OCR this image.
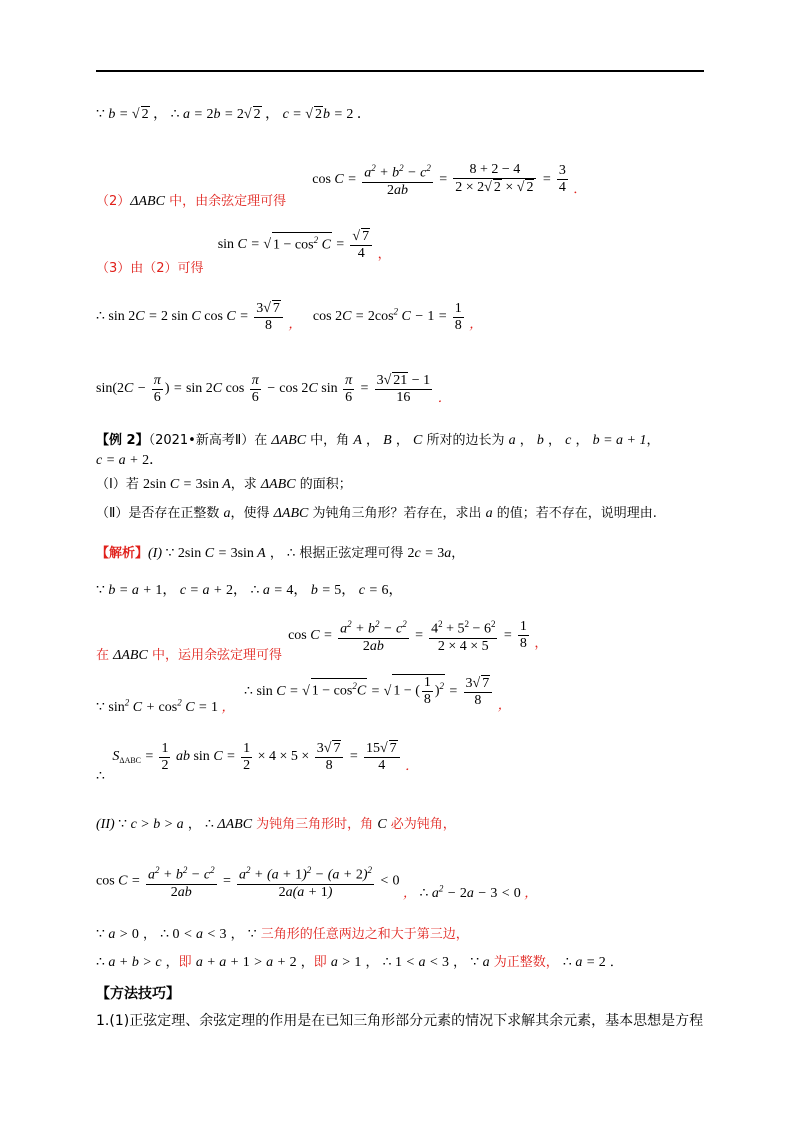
∵ b = √ 2 ， ∴ a = 2b = 2√ 2 ， c = √ 2b = 2 ．
（2）ΔABC 中，由余弦定理可得 $\cos C = \frac{a^2 + b^2 - c^2}{2ab} = \frac{8 + 2 - 4}{2 \times 2√ 2 \times √ 2} = \frac{3}{4}$ ．
（3）由（2）可得 sin C = √ $1 - \cos^2 C = \frac{√ 7}{4}$ ，
∴ sin 2C = 2 sin C $\cos C = \frac{3√ 7}{8}$ ， $\cos 2C = 2\cos^2$ $C - 1 = \frac{1}{8}$ ，
$\sin(2C - \frac{\pi}{6}$ ) = sin 2C $\cos \frac{\pi}{6} - \cos 2C$ $\sin \frac{\pi}{6} = \frac{3√ 21 - 1}{16}$ ．
【例 2】（2021•新高考Ⅱ）在 ΔABC 中，角 A ， B ， C 所对的边长为 a ， b ， c ， b = a + 1，
c = a + 2．
（Ⅰ）若 2sin C = 3sin A，求 ΔABC 的面积；
（Ⅱ）是否存在正整数 a，使得 ΔABC 为钝角三角形？若存在，求出 a 的值；若不存在，说明理由.
【解析】(I) ∵ 2sin C = 3sin A ， ∴ 根据正弦定理可得 2c = 3a，
∵ b = a + 1， c = a + 2， ∴ a = 4， b = 5， c = 6，
在 ΔABC 中，运用余弦定理可得 $\cos C = \frac{a^2 + b^2 - c^2}{2ab} = \frac{4^2 + 5^2 - 6^2}{2 \times 4 \times 5} = \frac{1}{8}$ ，
∵ $\sin^2 C + \cos^2 C = 1$ ， ∴ sin C = √ $1 - \cos^2C$ = √ 1 − ( $\frac{1}{8} )^2 = \frac{3√ 7}{8}$ ，
∴ $S_{\Delta ABC} = \frac{1}{2}$ ab $\sin C = \frac{1}{2} \times 4 \times 5 \times \frac{3√ 7}{8} = \frac{15√ 7}{4}$ ．
(II) ∵ c > b > a ， ∴ ΔABC 为钝角三角形时，角 C 必为钝角，
$\cos C = \frac{a^2 + b^2 - c^2}{2ab} = \frac{a^2 + (a + 1)^2 - (a + 2)^2}{2a(a + 1)} < 0$ ， ∴ $a^2 - 2a - 3 < 0$ ，
∵ a > 0 ， ∴ 0 < a < 3 ， ∵ 三角形的任意两边之和大于第三边，
∴ a + b > c ，即 a + a + 1 > a + 2 ，即 a > 1 ， ∴ 1 < a < 3 ， ∵ a 为正整数， ∴ a = 2 ．
【方法技巧】
1.(1)正弦定理、余弦定理的作用是在已知三角形部分元素的情况下求解其余元素，基本思想是方程
